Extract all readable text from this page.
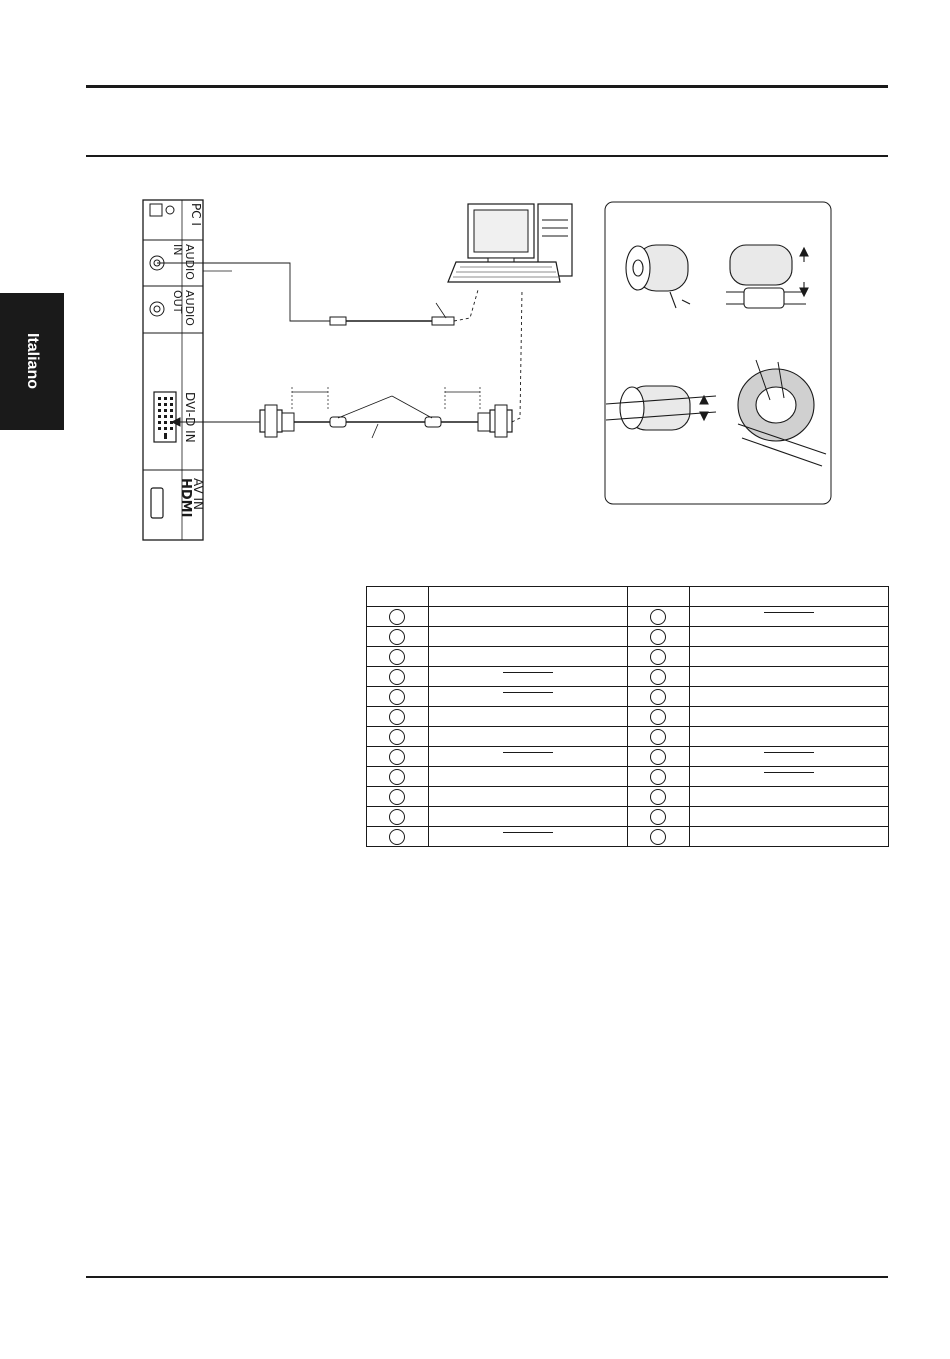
Italiano
PC I
AUDIO IN
AUDIO OUT
DVI-D IN
HDMI
AV IN
